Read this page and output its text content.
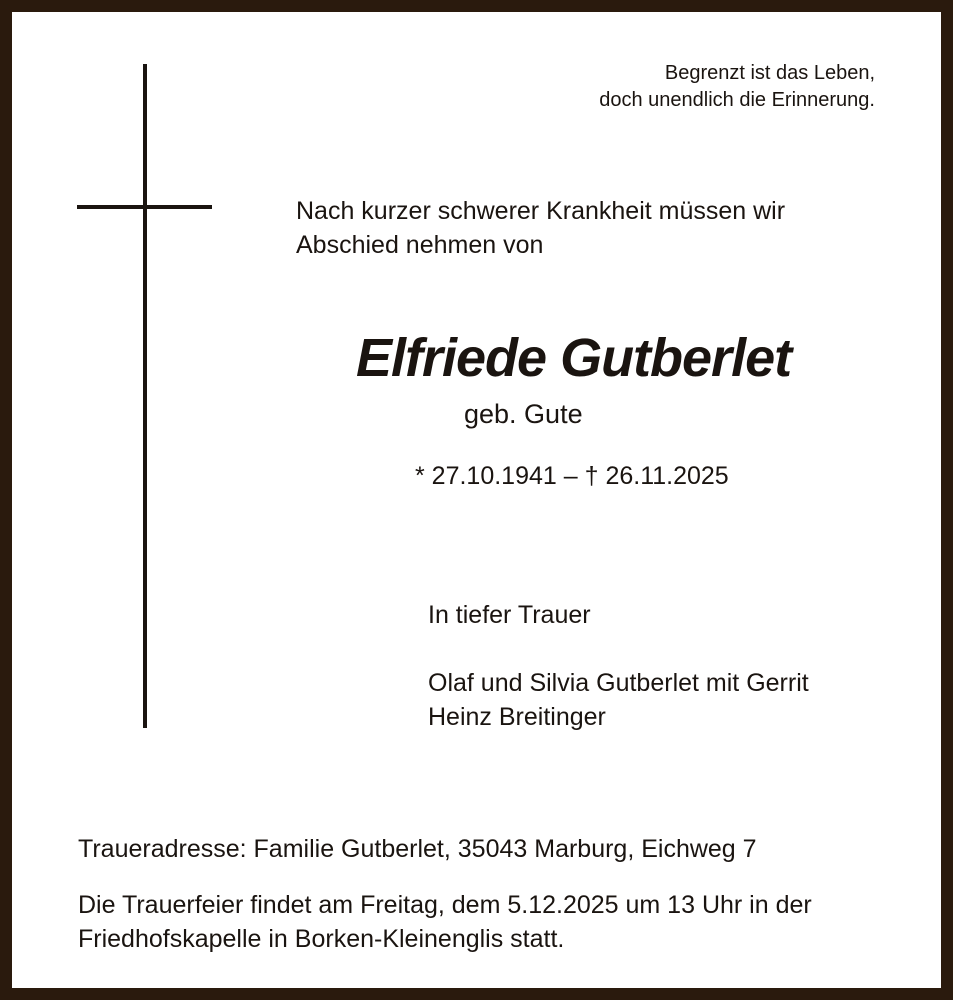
Begrenzt ist das Leben,
doch unendlich die Erinnerung.
Nach kurzer schwerer Krankheit müssen wir
Abschied nehmen von
Elfriede Gutberlet
geb. Gute
* 27.10.1941 – † 26.11.2025
In tiefer Trauer
Olaf und Silvia Gutberlet mit Gerrit
Heinz Breitinger
Traueradresse: Familie Gutberlet, 35043 Marburg, Eichweg 7
Die Trauerfeier findet am Freitag, dem 5.12.2025 um 13 Uhr in der
Friedhofskapelle in Borken-Kleinenglis statt.
